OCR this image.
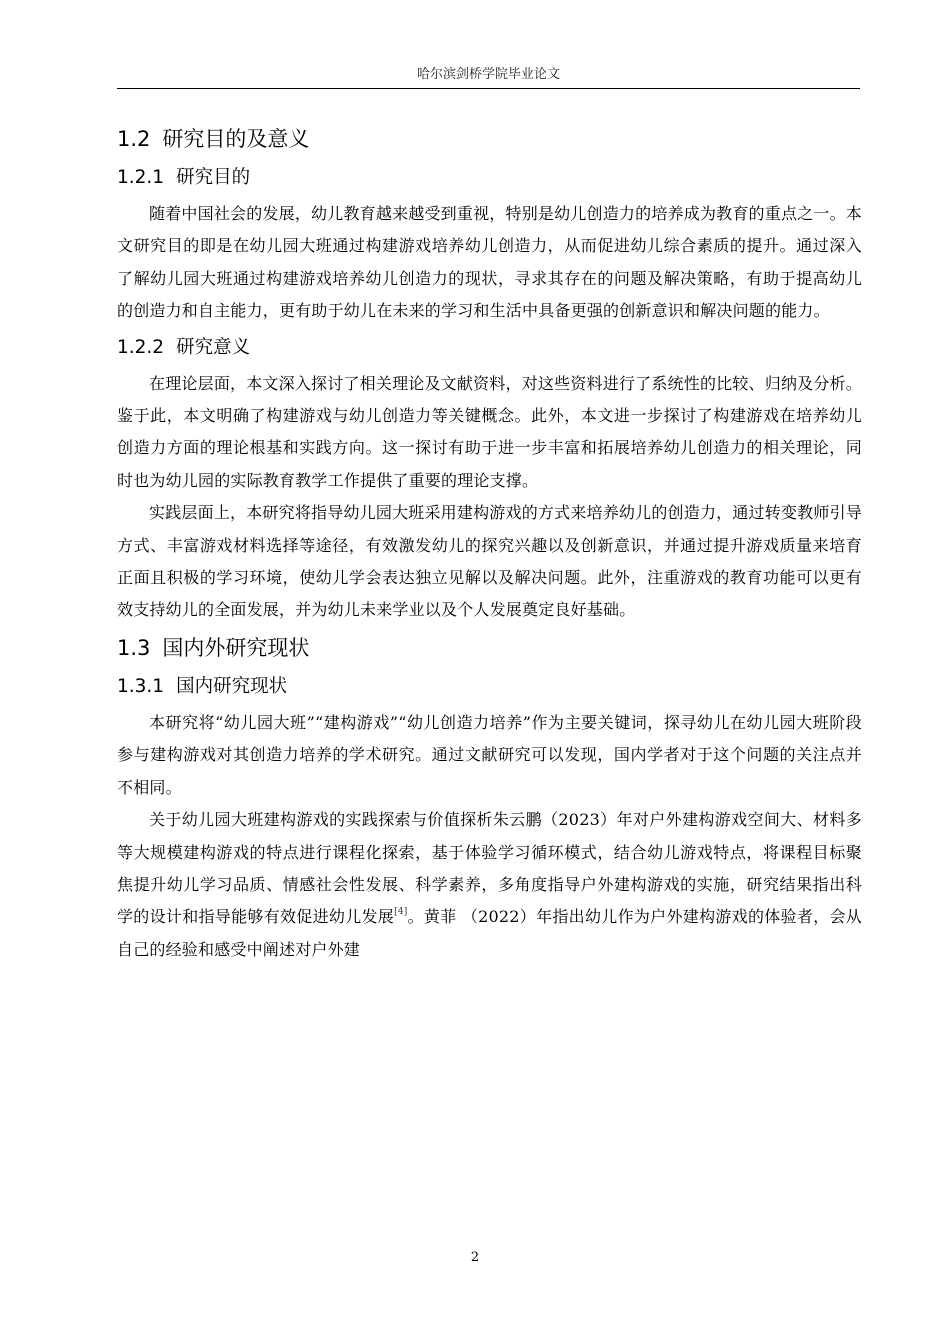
哈尔滨剑桥学院毕业论文
1.2 研究目的及意义
1.2.1 研究目的

随着中国社会的发展，幼儿教育越来越受到重视，特别是幼儿创造力的培养成为教育的重点之一。本文研究目的即是在幼儿园大班通过构建游戏培养幼儿创造力，从而促进幼儿综合素质的提升。通过深入了解幼儿园大班通过构建游戏培养幼儿创造力的现状，寻求其存在的问题及解决策略，有助于提高幼儿的创造力和自主能力，更有助于幼儿在未来的学习和生活中具备更强的创新意识和解决问题的能力。

1.2.2 研究意义

在理论层面，本文深入探讨了相关理论及文献资料，对这些资料进行了系统性的比较、归纳及分析。鉴于此，本文明确了构建游戏与幼儿创造力等关键概念。此外，本文进一步探讨了构建游戏在培养幼儿创造力方面的理论根基和实践方向。这一探讨有助于进一步丰富和拓展培养幼儿创造力的相关理论，同时也为幼儿园的实际教育教学工作提供了重要的理论支撑。

实践层面上，本研究将指导幼儿园大班采用建构游戏的方式来培养幼儿的创造力，通过转变教师引导方式、丰富游戏材料选择等途径，有效激发幼儿的探究兴趣以及创新意识，并通过提升游戏质量来培育正面且积极的学习环境，使幼儿学会表达独立见解以及解决问题。此外，注重游戏的教育功能可以更有效支持幼儿的全面发展，并为幼儿未来学业以及个人发展奠定良好基础。

1.3 国内外研究现状
1.3.1 国内研究现状

本研究将“幼儿园大班”“建构游戏”“幼儿创造力培养”作为主要关键词，探寻幼儿在幼儿园大班阶段参与建构游戏对其创造力培养的学术研究。通过文献研究可以发现，国内学者对于这个问题的关注点并不相同。

关于幼儿园大班建构游戏的实践探索与价值探析朱云鹏（2023）年对户外建构游戏空间大、材料多等大规模建构游戏的特点进行课程化探索，基于体验学习循环模式，结合幼儿游戏特点，将课程目标聚焦提升幼儿学习品质、情感社会性发展、科学素养，多角度指导户外建构游戏的实施，研究结果指出科学的设计和指导能够有效促进幼儿发展[4]。黄菲 （2022）年指出幼儿作为户外建构游戏的体验者，会从自己的经验和感受中阐述对户外建

2
